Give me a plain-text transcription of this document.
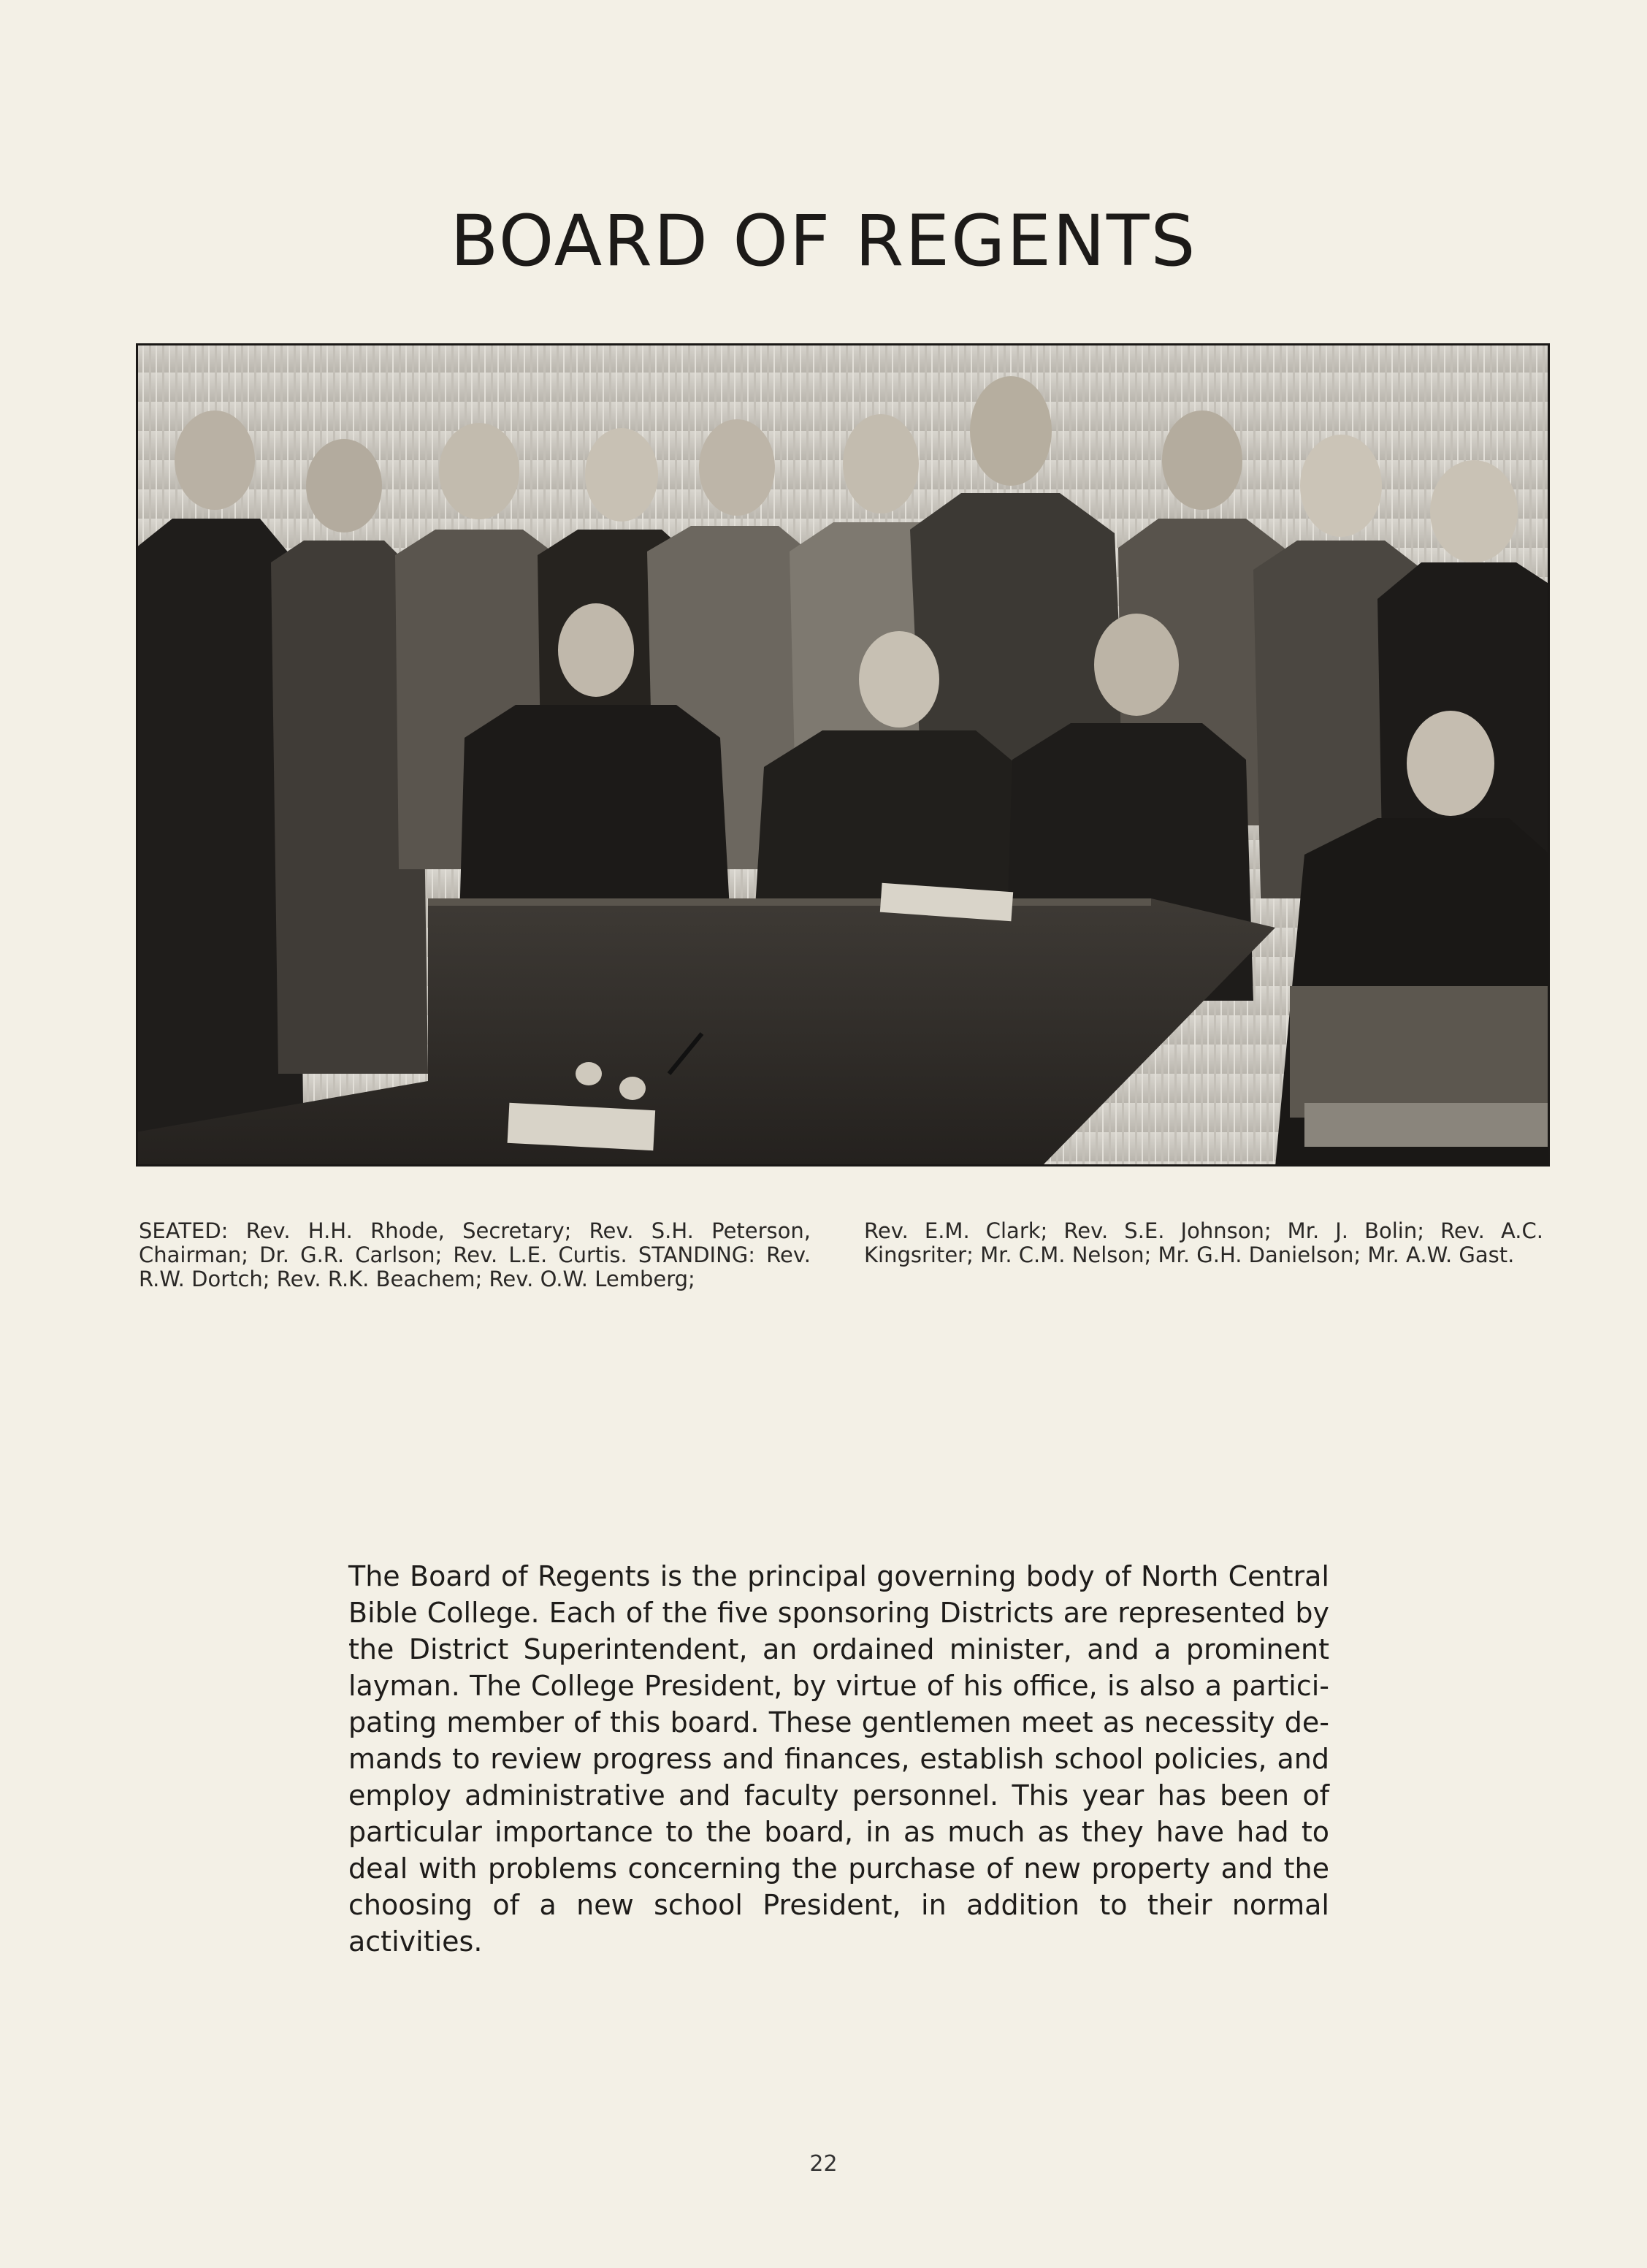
BOARD OF REGENTS

SEATED: Rev. H.H. Rhode, Secretary; Rev. S.H. Peterson, Chairman; Dr. G.R. Carlson; Rev. L.E. Curtis. STANDING: Rev. R.W. Dortch; Rev. R.K. Beachem; Rev. O.W. Lemberg;

Rev. E.M. Clark; Rev. S.E. Johnson; Mr. J. Bolin; Rev. A.C. Kingsriter; Mr. C.M. Nelson; Mr. G.H. Danielson; Mr. A.W. Gast.

The Board of Regents is the principal governing body of North Central Bible College. Each of the five sponsoring Districts are represented by the District Superintendent, an ordained minister, and a prominent layman. The College President, by virtue of his office, is also a partici-pating member of this board. These gentlemen meet as necessity de-mands to review progress and finances, establish school policies, and employ administrative and faculty personnel. This year has been of particular importance to the board, in as much as they have had to deal with problems concerning the purchase of new property and the choosing of a new school President, in addition to their normal activities.

22
